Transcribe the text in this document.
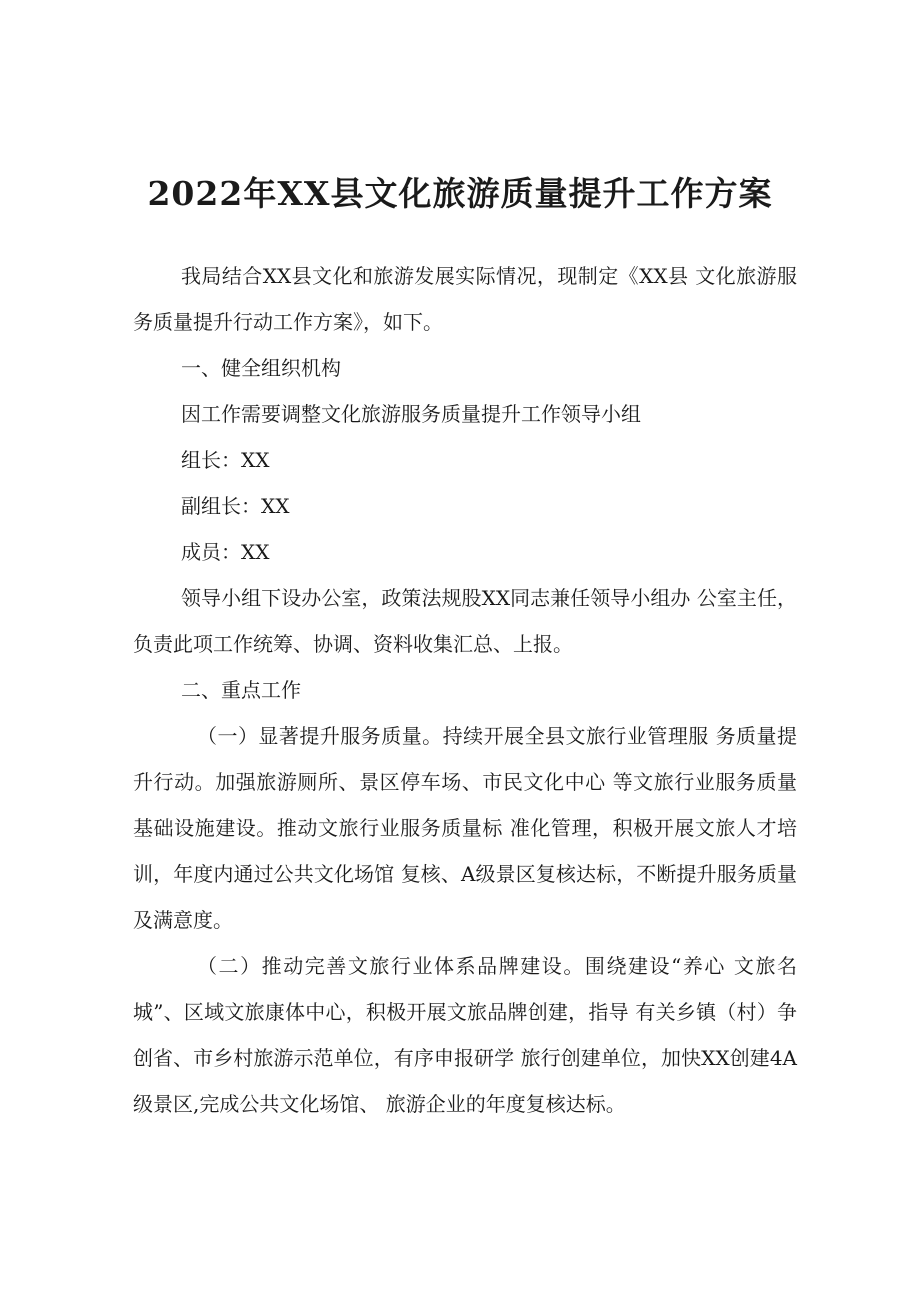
2022年XX县文化旅游质量提升工作方案

我局结合XX县文化和旅游发展实际情况，现制定《XX县 文化旅游服务质量提升行动工作方案》，如下。

一、健全组织机构

因工作需要调整文化旅游服务质量提升工作领导小组

组长：XX

副组长：XX

成员：XX

领导小组下设办公室，政策法规股XX同志兼任领导小组办 公室主任，负责此项工作统筹、协调、资料收集汇总、上报。

二、重点工作

（一）显著提升服务质量。持续开展全县文旅行业管理服 务质量提升行动。加强旅游厕所、景区停车场、市民文化中心 等文旅行业服务质量基础设施建设。推动文旅行业服务质量标 准化管理，积极开展文旅人才培训，年度内通过公共文化场馆 复核、A级景区复核达标，不断提升服务质量及满意度。

（二）推动完善文旅行业体系品牌建设。围绕建设“养心 文旅名城”、区域文旅康体中心，积极开展文旅品牌创建，指导 有关乡镇（村）争创省、市乡村旅游示范单位，有序申报研学 旅行创建单位，加快XX创建4A级景区,完成公共文化场馆、 旅游企业的年度复核达标。
